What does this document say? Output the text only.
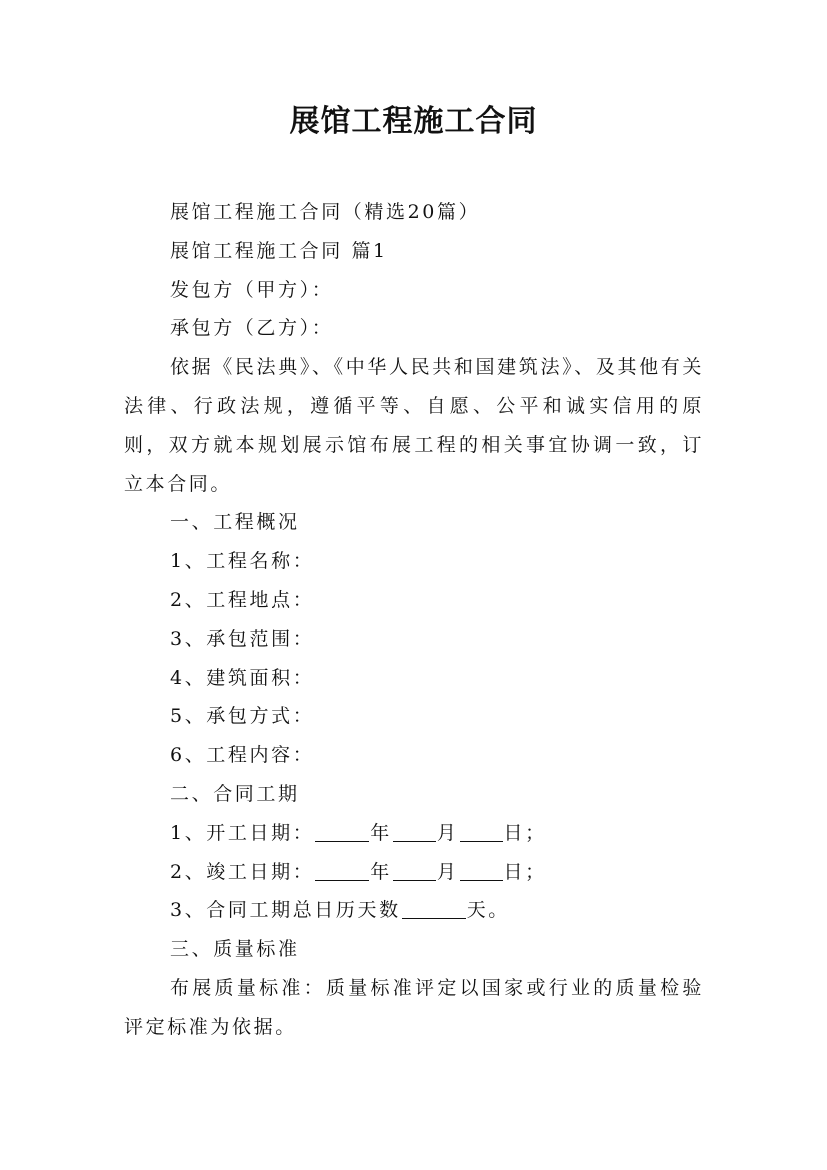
展馆工程施工合同

展馆工程施工合同（精选20篇）

展馆工程施工合同 篇1

发包方（甲方）：

承包方（乙方）：

依据《民法典》、《中华人民共和国建筑法》、及其他有关法律、行政法规，遵循平等、自愿、公平和诚实信用的原则，双方就本规划展示馆布展工程的相关事宜协调一致，订立本合同。

一、工程概况

1、工程名称：

2、工程地点：

3、承包范围：

4、建筑面积：

5、承包方式：

6、工程内容：

二、合同工期

1、开工日期：	年 月 日；

2、竣工日期：	年 月 日；

3、合同工期总日历天数	天。

三、质量标准

布展质量标准：质量标准评定以国家或行业的质量检验评定标准为依据。
